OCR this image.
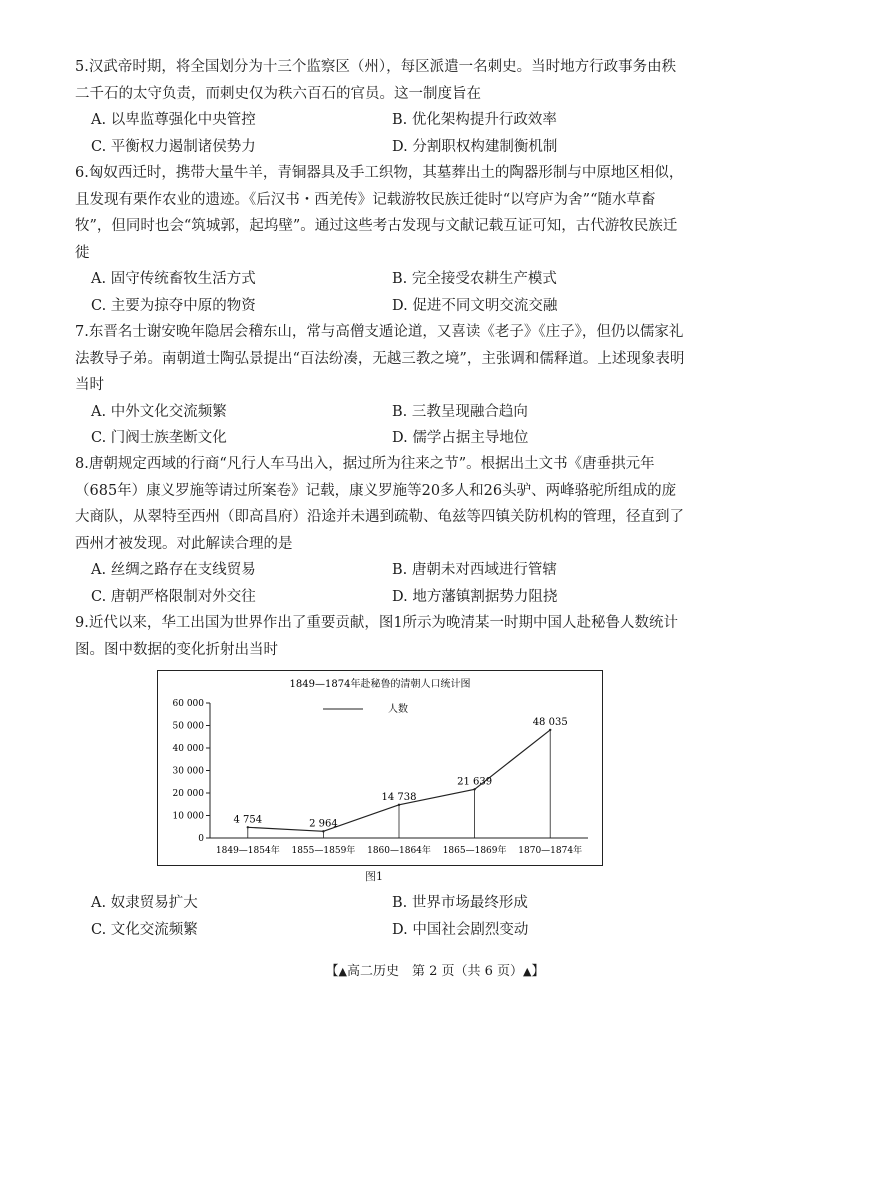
5.汉武帝时期，将全国划分为十三个监察区（州），每区派遣一名刺史。当时地方行政事务由秩二千石的太守负责，而刺史仅为秩六百石的官员。这一制度旨在

A. 以卑监尊强化中央管控	B. 优化架构提升行政效率
C. 平衡权力遏制诸侯势力	D. 分割职权构建制衡机制

6.匈奴西迁时，携带大量牛羊，青铜器具及手工织物，其墓葬出土的陶器形制与中原地区相似，且发现有栗作农业的遗迹。《后汉书・西羌传》记载游牧民族迁徙时“以穹庐为舍”“随水草畜牧”，但同时也会“筑城郭，起坞壁”。通过这些考古发现与文献记载互证可知，古代游牧民族迁徙

A. 固守传统畜牧生活方式	B. 完全接受农耕生产模式
C. 主要为掠夺中原的物资	D. 促进不同文明交流交融

7.东晋名士谢安晚年隐居会稽东山，常与高僧支遁论道，又喜读《老子》《庄子》，但仍以儒家礼法教导子弟。南朝道士陶弘景提出“百法纷凑，无越三教之境”，主张调和儒释道。上述现象表明当时

A. 中外文化交流频繁	B. 三教呈现融合趋向
C. 门阀士族垄断文化	D. 儒学占据主导地位

8.唐朝规定西域的行商“凡行人车马出入，据过所为往来之节”。根据出土文书《唐垂拱元年（685年）康义罗施等请过所案卷》记载，康义罗施等20多人和26头驴、两峰骆驼所组成的庞大商队，从翠特至西州（即高昌府）沿途并未遇到疏勒、龟兹等四镇关防机构的管理，径直到了西州才被发现。对此解读合理的是

A. 丝绸之路存在支线贸易	B. 唐朝未对西域进行管辖
C. 唐朝严格限制对外交往	D. 地方藩镇割据势力阻挠

9.近代以来，华工出国为世界作出了重要贡献，图1所示为晚清某一时期中国人赴秘鲁人数统计图。图中数据的变化折射出当时

1849—1874年赴秘鲁的清朝人口统计图
人数
0
10 000
20 000
30 000
40 000
50 000
60 000
1849—1854年 1855—1859年 1860—1864年 1865—1869年 1870—1874年
4 754	2 964
14 738
21 639
48 035
图1
A. 奴隶贸易扩大	B. 世界市场最终形成
C. 文化交流频繁	D. 中国社会剧烈变动
【▲高二历史　第 2 页（共 6 页）▲】
